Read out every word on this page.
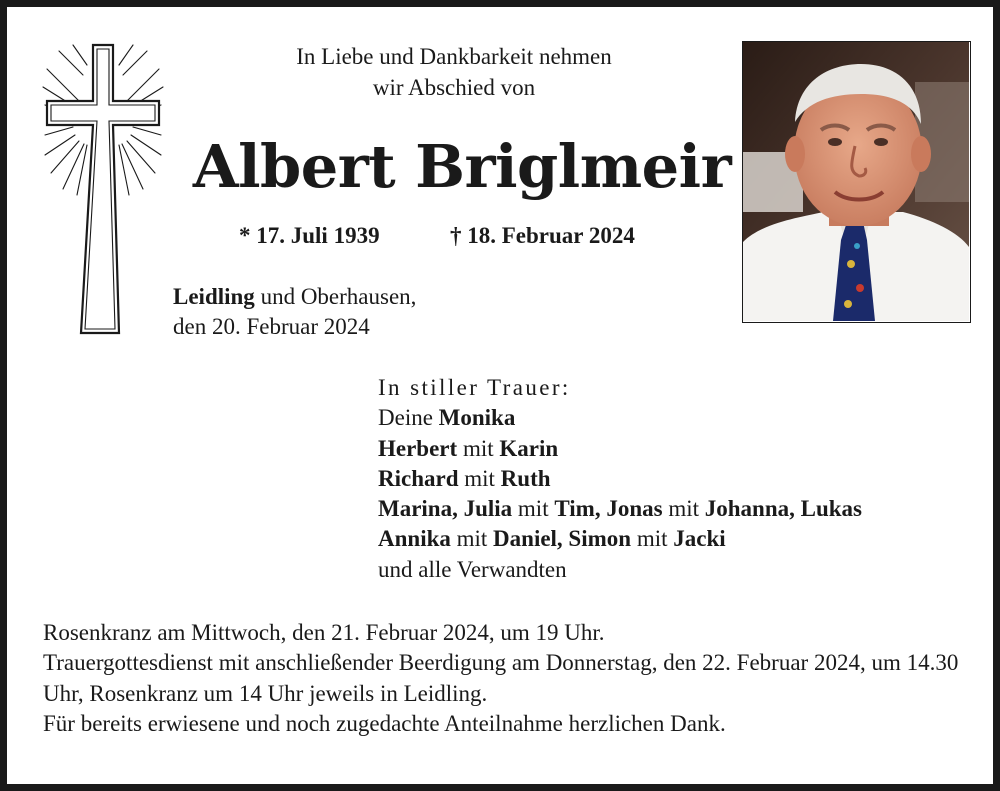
In Liebe und Dankbarkeit nehmen
wir Abschied von
Albert Briglmeir
* 17. Juli 1939	† 18. Februar 2024
Leidling und Oberhausen,
den 20. Februar 2024
In stiller Trauer:
Deine Monika
Herbert mit Karin
Richard mit Ruth
Marina, Julia mit Tim, Jonas mit Johanna, Lukas
Annika mit Daniel, Simon mit Jacki
und alle Verwandten

Rosenkranz am Mittwoch, den 21. Februar 2024, um 19 Uhr.

Trauergottesdienst mit anschließender Beerdigung am Donnerstag, den 22. Februar 2024, um 14.30 Uhr, Rosenkranz um 14 Uhr jeweils in Leidling.

Für bereits erwiesene und noch zugedachte Anteilnahme herzlichen Dank.
